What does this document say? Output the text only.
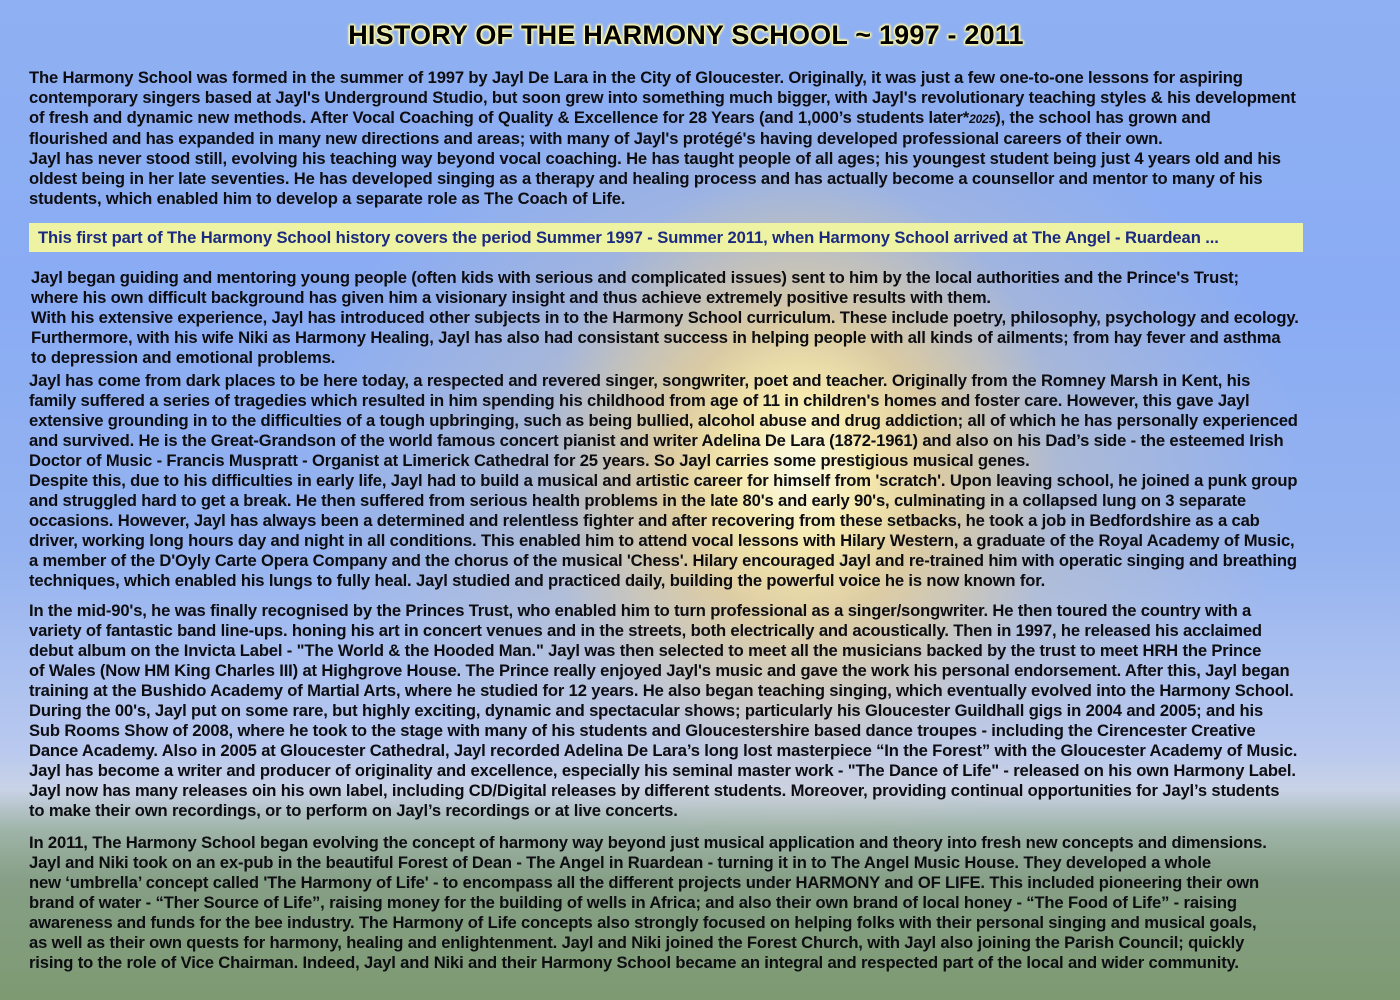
HISTORY OF THE HARMONY SCHOOL ~ 1997 - 2011
The Harmony School was formed in the summer of 1997 by Jayl De Lara in the City of Gloucester. Originally, it was just a few one-to-one lessons for aspiring
contemporary singers based at Jayl's Underground Studio, but soon grew into something much bigger, with Jayl's revolutionary teaching styles & his development
of fresh and dynamic new methods. After Vocal Coaching of Quality & Excellence for 28 Years (and 1,000’s students later*2025), the school has grown and
flourished and has expanded in many new directions and areas; with many of Jayl's protégé's having developed professional careers of their own.
Jayl has never stood still, evolving his teaching way beyond vocal coaching. He has taught people of all ages; his youngest student being just 4 years old and his
oldest being in her late seventies. He has developed singing as a therapy and healing process and has actually become a counsellor and mentor to many of his
students, which enabled him to develop a separate role as The Coach of Life.
This first part of The Harmony School history covers the period Summer 1997 - Summer 2011, when Harmony School arrived at The Angel - Ruardean ...
Jayl began guiding and mentoring young people (often kids with serious and complicated issues) sent to him by the local authorities and the Prince's Trust;
where his own difficult background has given him a visionary insight and thus achieve extremely positive results with them.
With his extensive experience, Jayl has introduced other subjects in to the Harmony School curriculum. These include poetry, philosophy, psychology and ecology.
Furthermore, with his wife Niki as Harmony Healing, Jayl has also had consistant success in helping people with all kinds of ailments; from hay fever and asthma
to depression and emotional problems.
Jayl has come from dark places to be here today, a respected and revered singer, songwriter, poet and teacher. Originally from the Romney Marsh in Kent, his
family suffered a series of tragedies which resulted in him spending his childhood from age of 11 in children's homes and foster care. However, this gave Jayl
extensive grounding in to the difficulties of a tough upbringing, such as being bullied, alcohol abuse and drug addiction; all of which he has personally experienced
and survived. He is the Great-Grandson of the world famous concert pianist and writer Adelina De Lara (1872-1961) and also on his Dad’s side - the esteemed Irish
Doctor of Music - Francis Muspratt - Organist at Limerick Cathedral for 25 years. So Jayl carries some prestigious musical genes.
Despite this, due to his difficulties in early life, Jayl had to build a musical and artistic career for himself from 'scratch'. Upon leaving school, he joined a punk group
and struggled hard to get a break. He then suffered from serious health problems in the late 80's and early 90's, culminating in a collapsed lung on 3 separate
occasions. However, Jayl has always been a determined and relentless fighter and after recovering from these setbacks, he took a job in Bedfordshire as a cab
driver, working long hours day and night in all conditions. This enabled him to attend vocal lessons with Hilary Western, a graduate of the Royal Academy of Music,
a member of the D'Oyly Carte Opera Company and the chorus of the musical 'Chess'. Hilary encouraged Jayl and re-trained him with operatic singing and breathing
techniques, which enabled his lungs to fully heal. Jayl studied and practiced daily, building the powerful voice he is now known for.
In the mid-90's, he was finally recognised by the Princes Trust, who enabled him to turn professional as a singer/songwriter. He then toured the country with a
variety of fantastic band line-ups. honing his art in concert venues and in the streets, both electrically and acoustically. Then in 1997, he released his acclaimed
debut album on the Invicta Label - "The World & the Hooded Man." Jayl was then selected to meet all the musicians backed by the trust to meet HRH the Prince
of Wales (Now HM King Charles III) at Highgrove House. The Prince really enjoyed Jayl's music and gave the work his personal endorsement. After this, Jayl began
training at the Bushido Academy of Martial Arts, where he studied for 12 years. He also began teaching singing, which eventually evolved into the Harmony School.
During the 00's, Jayl put on some rare, but highly exciting, dynamic and spectacular shows; particularly his Gloucester Guildhall gigs in 2004 and 2005; and his
Sub Rooms Show of 2008, where he took to the stage with many of his students and Gloucestershire based dance troupes - including the Cirencester Creative
Dance Academy. Also in 2005 at Gloucester Cathedral, Jayl recorded Adelina De Lara’s long lost masterpiece “In the Forest” with the Gloucester Academy of Music.
Jayl has become a writer and producer of originality and excellence, especially his seminal master work - "The Dance of Life" - released on his own Harmony Label.
Jayl now has many releases oin his own label, including CD/Digital releases by different students. Moreover, providing continual opportunities for Jayl’s students
to make their own recordings, or to perform on Jayl’s recordings or at live concerts.
In 2011, The Harmony School began evolving the concept of harmony way beyond just musical application and theory into fresh new concepts and dimensions.
Jayl and Niki took on an ex-pub in the beautiful Forest of Dean - The Angel in Ruardean - turning it in to The Angel Music House. They developed a whole
new ‘umbrella’ concept called 'The Harmony of Life' - to encompass all the different projects under HARMONY and OF LIFE. This included pioneering their own
brand of water - “Ther Source of Life”, raising money for the building of wells in Africa; and also their own brand of local honey - “The Food of Life” - raising
awareness and funds for the bee industry. The Harmony of Life concepts also strongly focused on helping folks with their personal singing and musical goals,
as well as their own quests for harmony, healing and enlightenment. Jayl and Niki joined the Forest Church, with Jayl also joining the Parish Council; quickly
rising to the role of Vice Chairman. Indeed, Jayl and Niki and their Harmony School became an integral and respected part of the local and wider community.
